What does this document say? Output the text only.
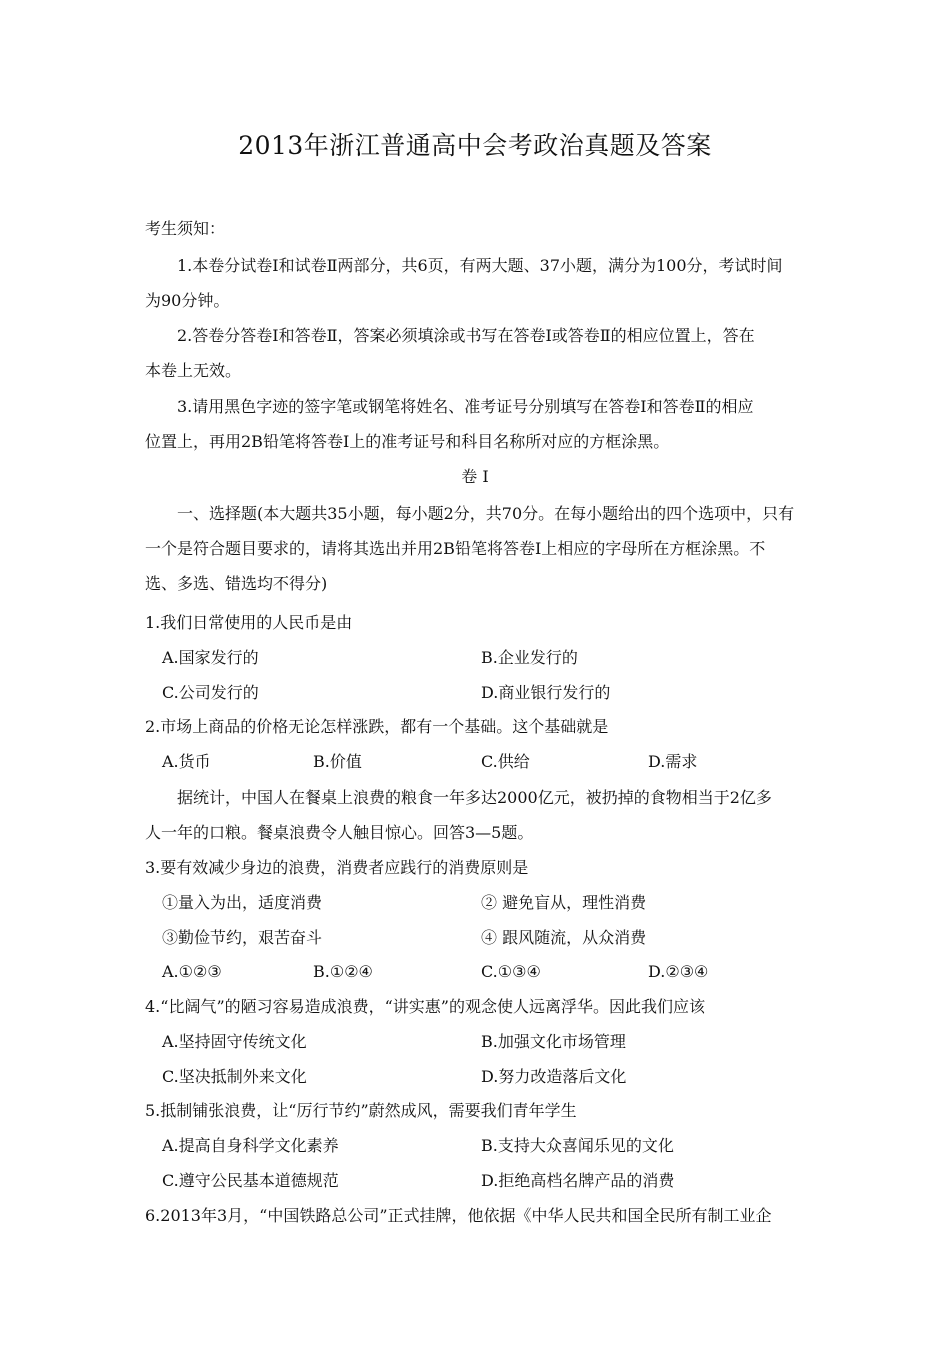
2013年浙江普通高中会考政治真题及答案
考生须知：
1.本卷分试卷Ⅰ和试卷Ⅱ两部分，共6页，有两大题、37小题，满分为100分，考试时间
为90分钟。
2.答卷分答卷Ⅰ和答卷Ⅱ，答案必须填涂或书写在答卷Ⅰ或答卷Ⅱ的相应位置上，答在
本卷上无效。
3.请用黑色字迹的签字笔或钢笔将姓名、准考证号分别填写在答卷Ⅰ和答卷Ⅱ的相应
位置上，再用2B铅笔将答卷Ⅰ上的准考证号和科目名称所对应的方框涂黑。
卷 Ⅰ
一、选择题(本大题共35小题，每小题2分，共70分。在每小题给出的四个选项中，只有
一个是符合题目要求的，请将其选出并用2B铅笔将答卷Ⅰ上相应的字母所在方框涂黑。不
选、多选、错选均不得分)
1.我们日常使用的人民币是由
A.国家发行的	B.企业发行的
C.公司发行的	D.商业银行发行的
2.市场上商品的价格无论怎样涨跌，都有一个基础。这个基础就是
A.货币	B.价值	C.供给	D.需求
据统计，中国人在餐桌上浪费的粮食一年多达2000亿元，被扔掉的食物相当于2亿多
人一年的口粮。餐桌浪费令人触目惊心。回答3—5题。
3.要有效减少身边的浪费，消费者应践行的消费原则是
①量入为出，适度消费	② 避免盲从，理性消费
③勤俭节约，艰苦奋斗	④ 跟风随流，从众消费
A.①②③	B.①②④	C.①③④	D.②③④
4.“比阔气”的陋习容易造成浪费，“讲实惠”的观念使人远离浮华。因此我们应该
A.坚持固守传统文化	B.加强文化市场管理
C.坚决抵制外来文化	D.努力改造落后文化
5.抵制铺张浪费，让“厉行节约”蔚然成风，需要我们青年学生
A.提高自身科学文化素养	B.支持大众喜闻乐见的文化
C.遵守公民基本道德规范	D.拒绝高档名牌产品的消费
6.2013年3月，“中国铁路总公司”正式挂牌，他依据《中华人民共和国全民所有制工业企
